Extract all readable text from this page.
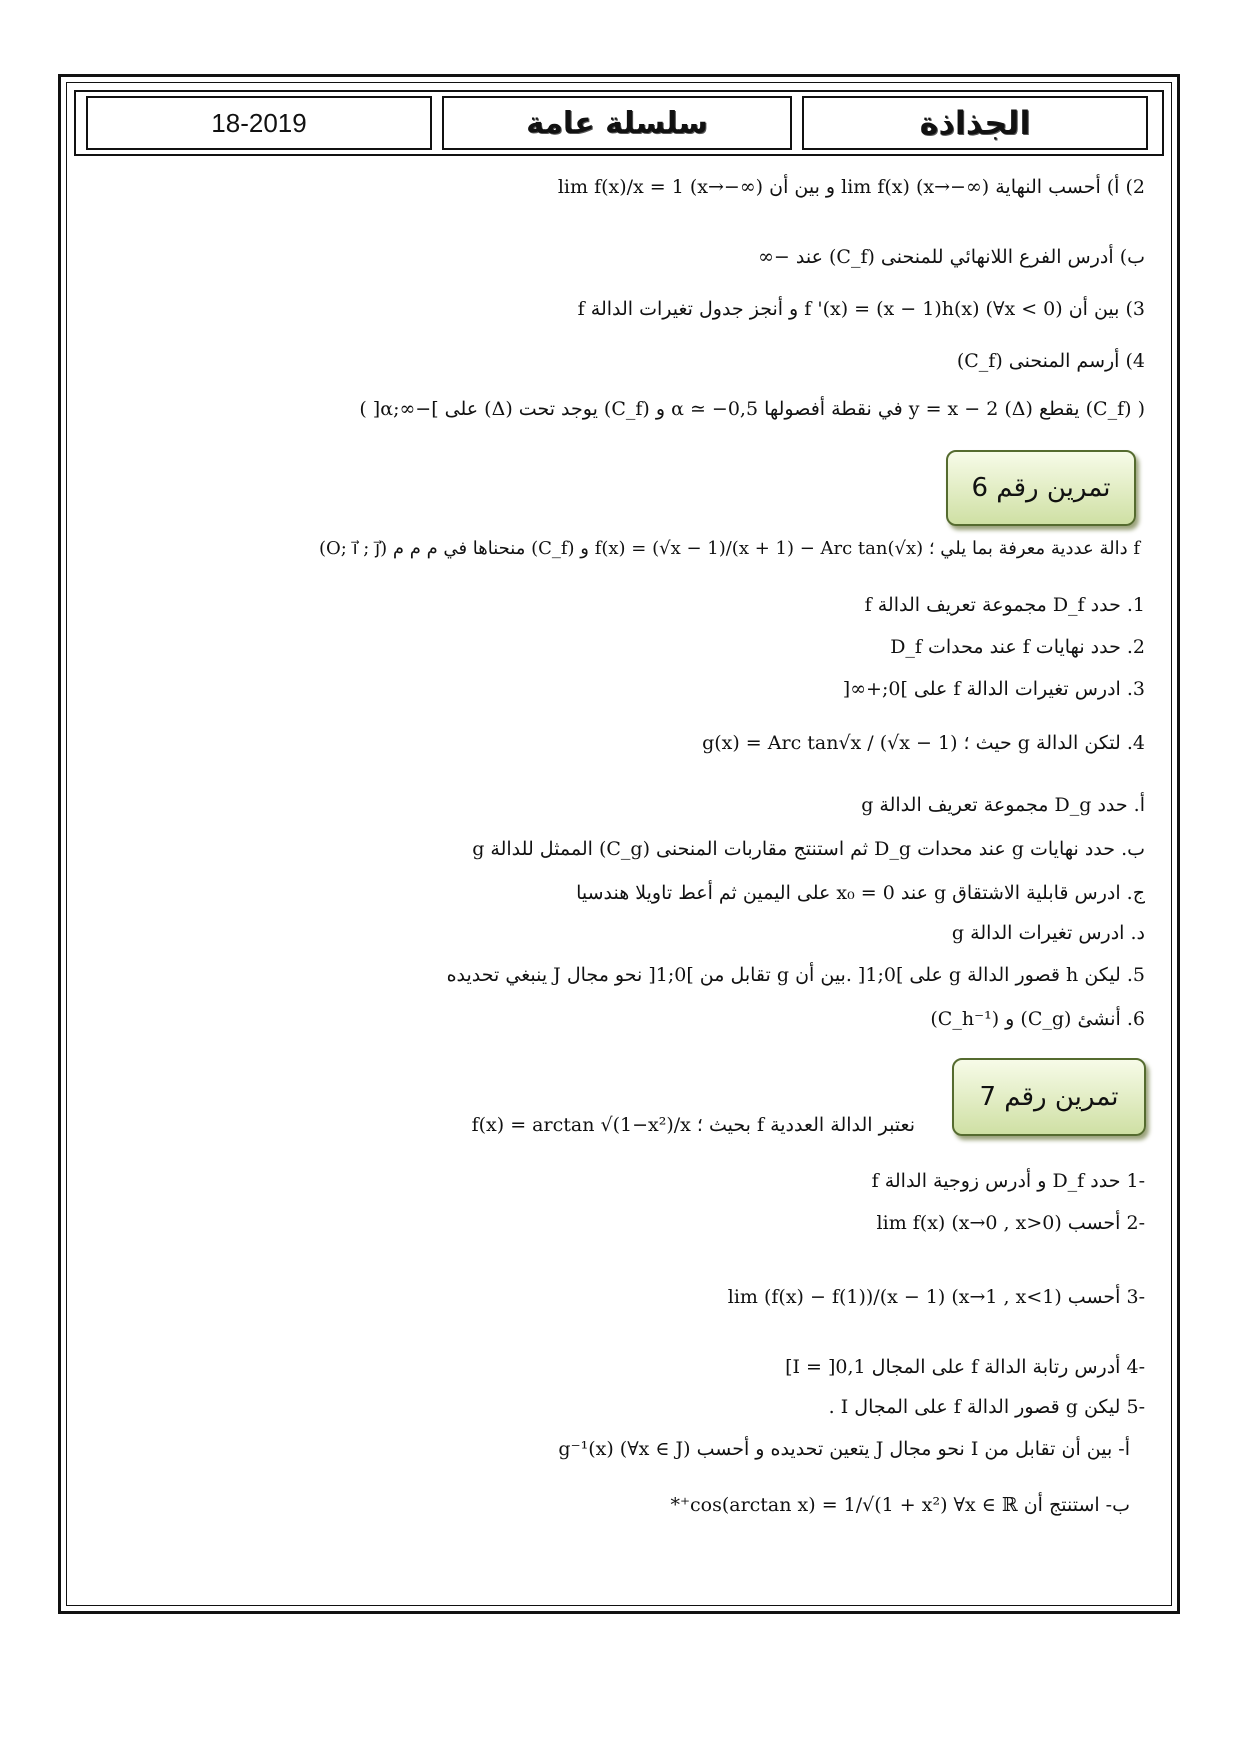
18-2019	سلسلة عامة	الجذاذة
2) أ) أحسب النهاية lim f(x) (x→−∞) و بين أن lim f(x)/x = 1 (x→−∞)
ب) أدرس الفرع اللانهائي للمنحنى (C_f) عند −∞
3) بين أن f '(x) = (x − 1)h(x) (∀x < 0) و أنجز جدول تغيرات الدالة f
4) أرسم المنحنى (C_f)
( (C_f) يقطع (Δ) y = x − 2 في نقطة أفصولها α ≃ −0,5 و (C_f) يوجد تحت (Δ) على ]−∞;α[ )
تمرين رقم 6
f دالة عددية معرفة بما يلي ؛ f(x) = (√x − 1)/(x + 1) − Arc tan(√x) و (C_f) منحناها في م م م (O; i⃗ ; j⃗)
1. حدد D_f مجموعة تعريف الدالة f
2. حدد نهايات f عند محدات D_f
3. ادرس تغيرات الدالة f على ]0;+∞[
4. لتكن الدالة g حيث ؛ g(x) = Arc tan√x / (√x − 1)
أ. حدد D_g مجموعة تعريف الدالة g
ب. حدد نهايات g عند محدات D_g ثم استنتج مقاربات المنحنى (C_g) الممثل للدالة g
ج. ادرس قابلية الاشتقاق g عند x₀ = 0 على اليمين ثم أعط تاويلا هندسيا
د. ادرس تغيرات الدالة g
5. ليكن h قصور الدالة g على ]0;1[ .بين أن g تقابل من ]0;1[ نحو مجال J ينبغي تحديده
6. أنشئ (C_g) و (C_h⁻¹)
تمرين رقم 7
نعتبر الدالة العددية f بحيث ؛ f(x) = arctan √(1−x²)/x
-1 حدد D_f و أدرس زوجية الدالة f
-2 أحسب lim f(x) (x→0 , x>0)
-3 أحسب lim (f(x) − f(1))/(x − 1) (x→1 , x<1)
-4 أدرس رتابة الدالة f على المجال I = ]0,1]
-5 ليكن g قصور الدالة f على المجال I .
أ- بين أن تقابل من I نحو مجال J يتعين تحديده و أحسب g⁻¹(x) (∀x ∈ J)
ب- استنتج أن cos(arctan x) = 1/√(1 + x²) ∀x ∈ ℝ⁺*
